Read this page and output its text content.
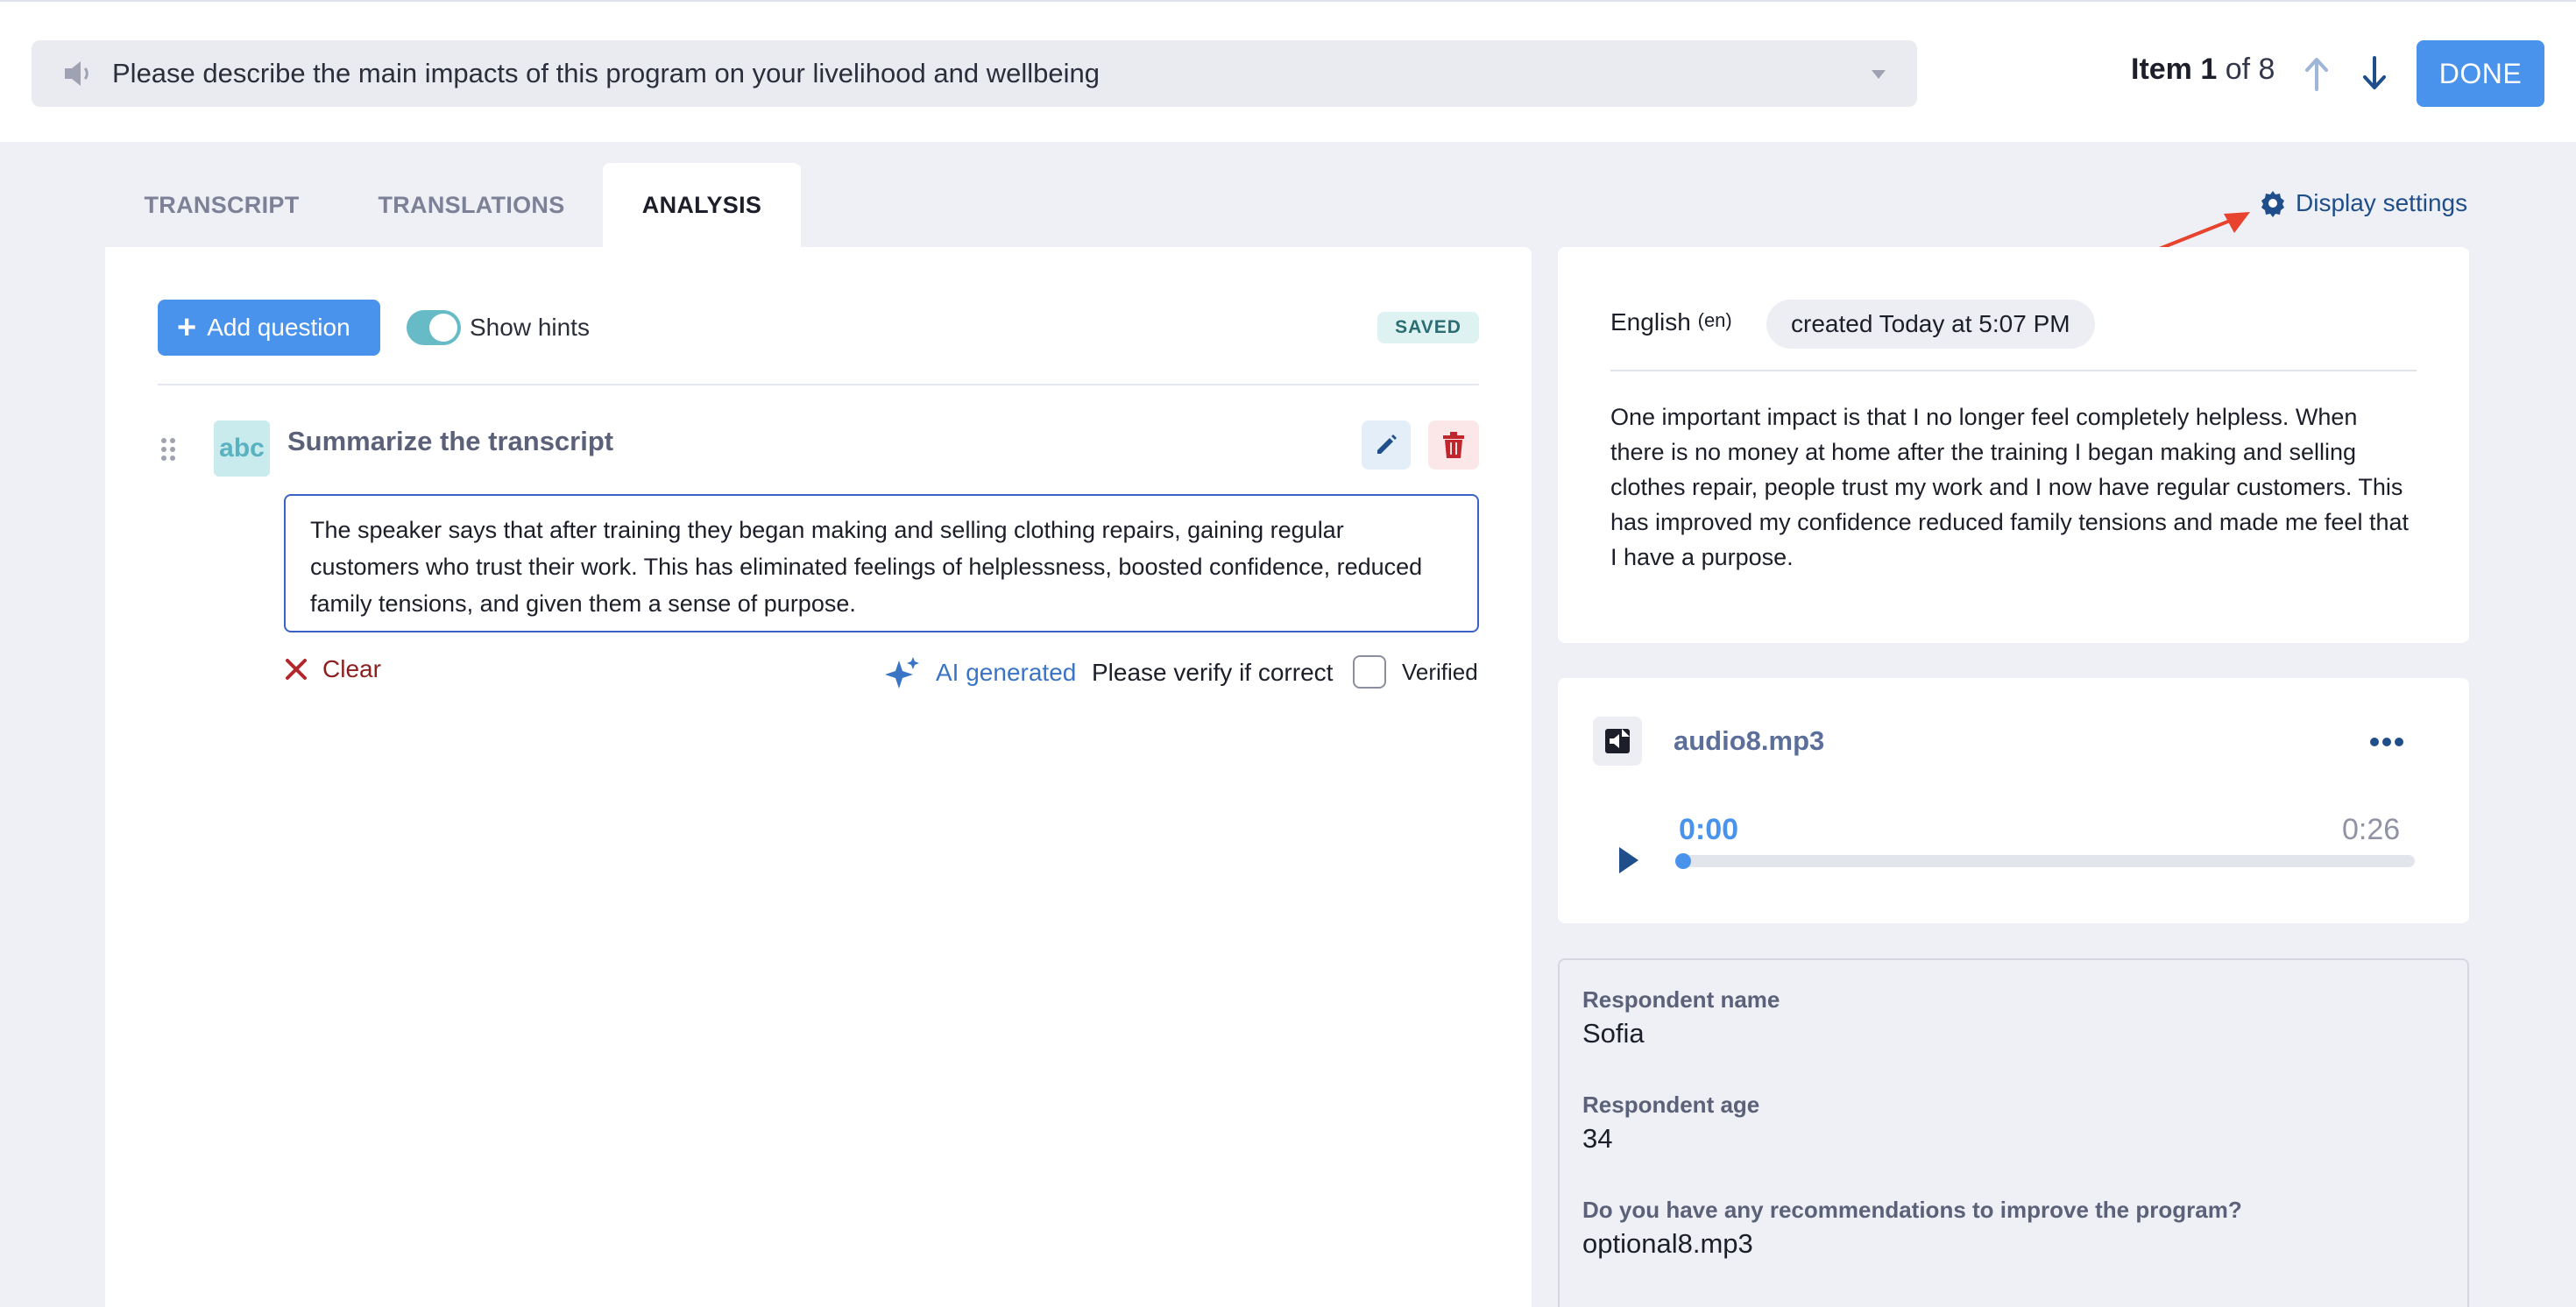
Please describe the main impacts of this program on your livelihood and wellbeing	Item 1 of 8	DONE
TRANSCRIPT	TRANSLATIONS	ANALYSIS	Display settings
+ Add question	Show hints	SAVED
abc Summarize the transcript
The speaker says that after training they began making and selling clothing repairs, gaining regular customers who trust their work. This has eliminated feelings of helplessness, boosted confidence, reduced family tensions, and given them a sense of purpose.
Clear	AI generated Please verify if correct	Verified
English $^{(en)}$	created Today at 5:07 PM
One important impact is that I no longer feel completely helpless. When there is no money at home after the training I began making and selling clothes repair, people trust my work and I now have regular customers. This has improved my confidence reduced family tensions and made me feel that I have a purpose.
audio8.mp3
0:00	0:26
Respondent name
Sofia
Respondent age
34
Do you have any recommendations to improve the program?
optional8.mp3
